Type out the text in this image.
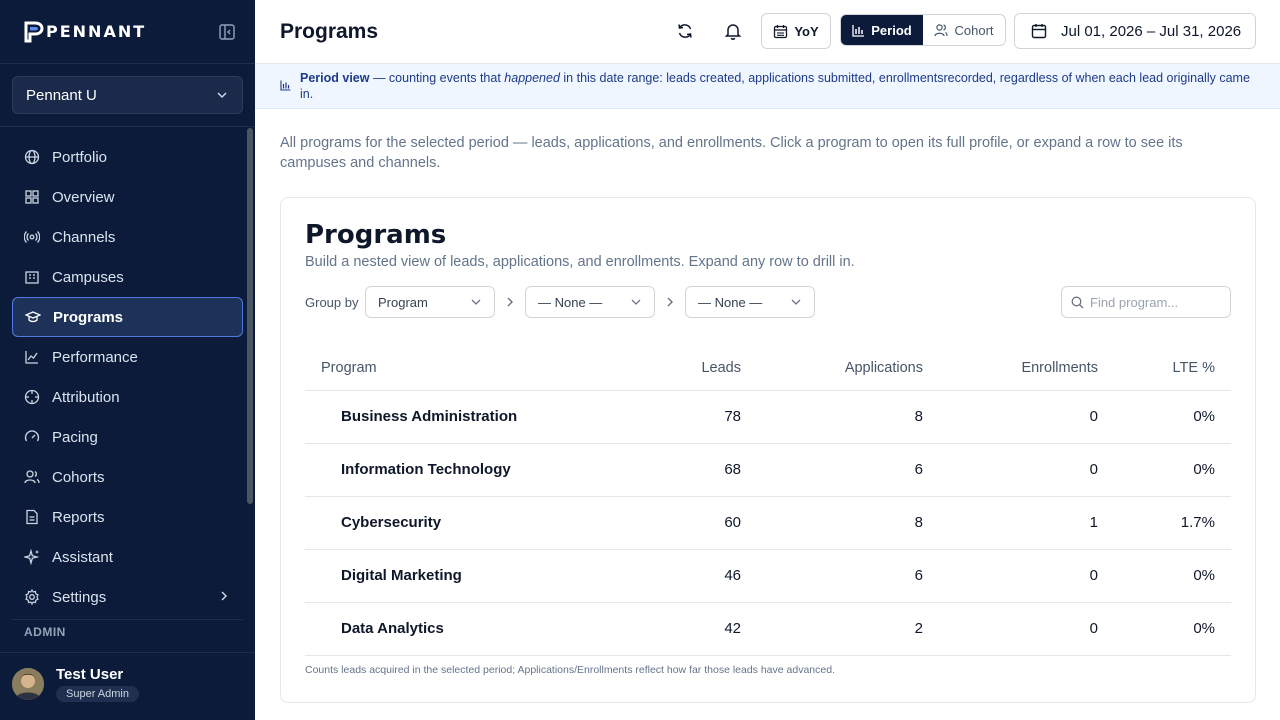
PENNANT
Pennant U
Portfolio
Overview
Channels
Campuses
Programs
Performance
Attribution
Pacing
Cohorts
Reports
Assistant
Settings
ADMIN
Test User
Super Admin
Programs	YoY	Period	Cohort	Jul 01, 2026 – Jul 31, 2026
Period view — counting events that happened in this date range: leads created, applications submitted, enrollmentsrecorded, regardless of when each lead originally came in.

All programs for the selected period — leads, applications, and enrollments. Click a program to open its full profile, or expand a row to see its campuses and channels.

Programs

Build a nested view of leads, applications, and enrollments. Expand any row to drill in.

Group by Program	— None —	— None —
Find program...
Program	Leads	Applications	Enrollments	LTE %
Business Administration	78	8	0	0%
Information Technology	68	6	0	0%
Cybersecurity	60	8	1	1.7%
Digital Marketing	46	6	0	0%
Data Analytics	42	2	0	0%

Counts leads acquired in the selected period; Applications/Enrollments reflect how far those leads have advanced.
